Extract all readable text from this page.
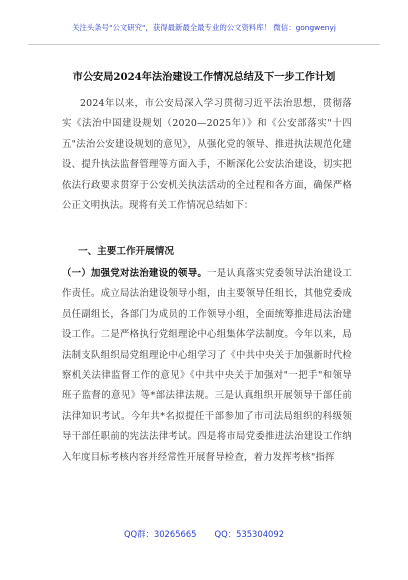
关注头条号"公文研究"，获得最新最全最专业的公文资料库！ 微信：gongwenyj
市公安局2024年法治建设工作情况总结及下一步工作计划
2024年以来，市公安局深入学习贯彻习近平法治思想，贯彻落实《法治中国建设规划（2020—2025年）》和《公安部落实"十四五"法治公安建设规划的意见》，从强化党的领导、推进执法规范化建设、提升执法监督管理等方面入手，不断深化公安法治建设，切实把依法行政要求贯穿于公安机关执法活动的全过程和各方面，确保严格公正文明执法。现将有关工作情况总结如下：
一、主要工作开展情况
（一）加强党对法治建设的领导。一是认真落实党委领导法治建设工作责任。成立局法治建设领导小组，由主要领导任组长，其他党委成员任副组长，各部门为成员的工作领导小组，全面统筹推进局法治建设工作。二是严格执行党组理论中心组集体学法制度。今年以来，局法制支队组织局党组理论中心组学习了《中共中央关于加强新时代检察机关法律监督工作的意见》《中共中央关于加强对"一把手"和领导班子监督的意见》等*部法律法规。三是认真组织开展领导干部任前法律知识考试。今年共*名拟提任干部参加了市司法局组织的科级领导干部任职前的宪法法律考试。四是将市局党委推进法治建设工作纳入年度目标考核内容并经常性开展督导检查，着力发挥考核"指挥
QQ群：30265665 QQ：535304092
